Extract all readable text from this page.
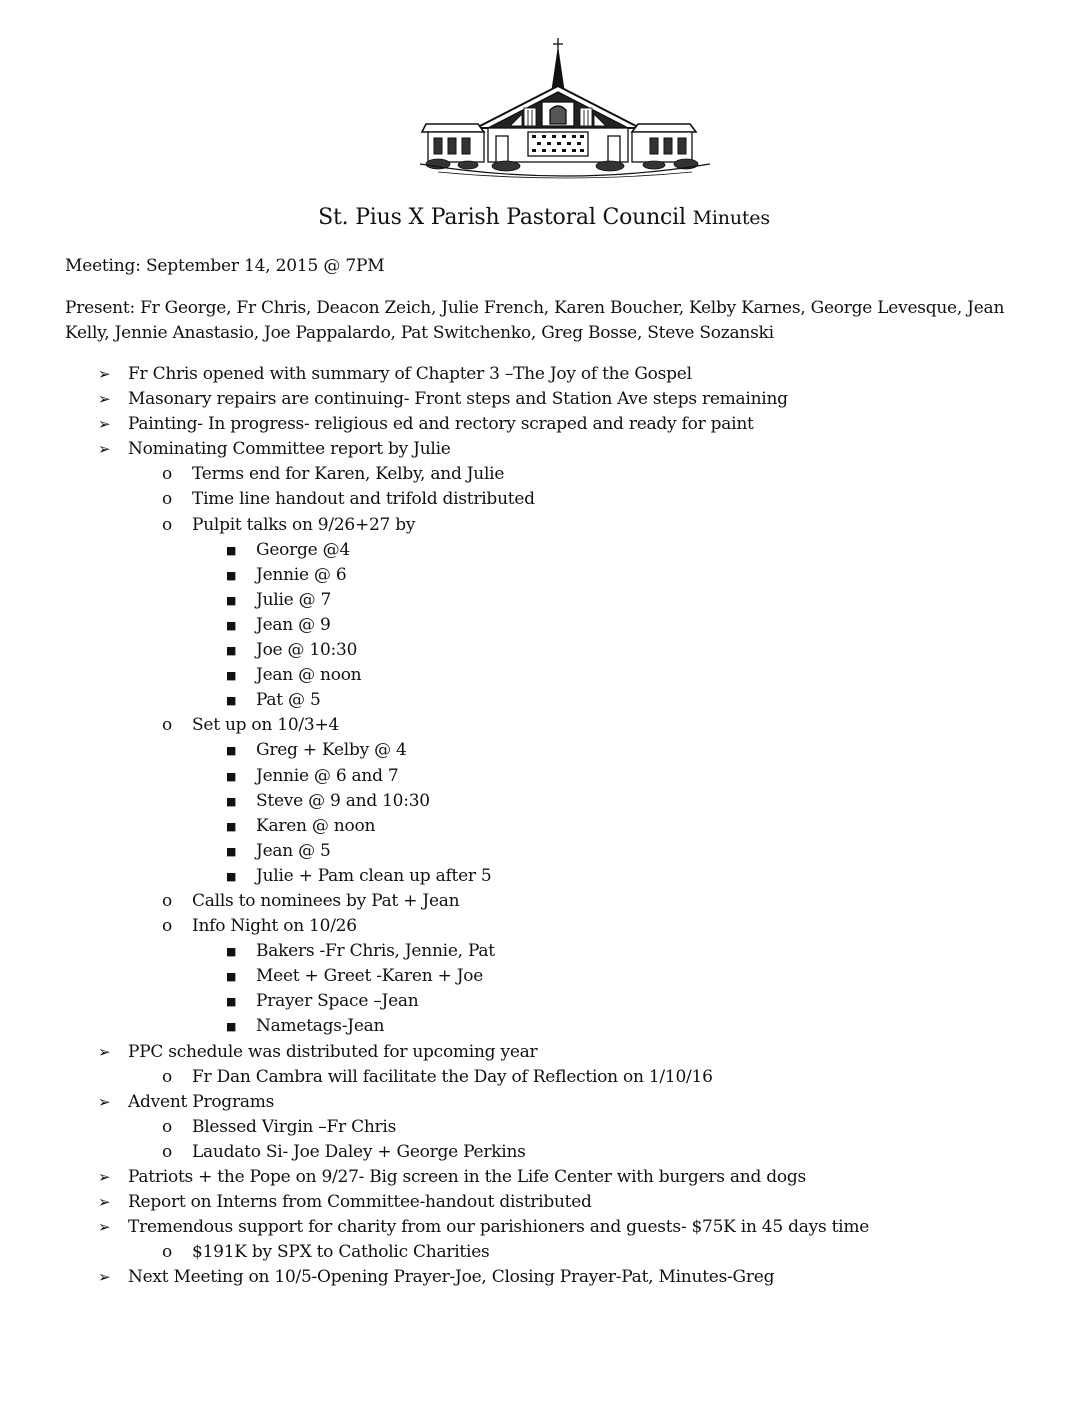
St. Pius X Parish Pastoral Council Minutes
Meeting: September 14, 2015 @ 7PM
Present: Fr George, Fr Chris, Deacon Zeich, Julie French, Karen Boucher, Kelby Karnes, George Levesque, Jean Kelly, Jennie Anastasio, Joe Pappalardo, Pat Switchenko, Greg Bosse, Steve Sozanski
➢ Fr Chris opened with summary of Chapter 3 –The Joy of the Gospel
➢ Masonary repairs are continuing- Front steps and Station Ave steps remaining
➢ Painting- In progress- religious ed and rectory scraped and ready for paint
➢ Nominating Committee report by Julie
o Terms end for Karen, Kelby, and Julie
o Time line handout and trifold distributed
o Pulpit talks on 9/26+27 by
■ George @4
■ Jennie @ 6
■ Julie @ 7
■ Jean @ 9
■ Joe @ 10:30
■ Jean @ noon
■ Pat @ 5
o Set up on 10/3+4
■ Greg + Kelby @ 4
■ Jennie @ 6 and 7
■ Steve @ 9 and 10:30
■ Karen @ noon
■ Jean @ 5
■ Julie + Pam clean up after 5
o Calls to nominees by Pat + Jean
o Info Night on 10/26
■ Bakers -Fr Chris, Jennie, Pat
■ Meet + Greet -Karen + Joe
■ Prayer Space –Jean
■ Nametags-Jean
➢ PPC schedule was distributed for upcoming year
o Fr Dan Cambra will facilitate the Day of Reflection on 1/10/16
➢ Advent Programs
o Blessed Virgin –Fr Chris
o Laudato Si- Joe Daley + George Perkins
➢ Patriots + the Pope on 9/27- Big screen in the Life Center with burgers and dogs
➢ Report on Interns from Committee-handout distributed
➢ Tremendous support for charity from our parishioners and guests- $75K in 45 days time
o $191K by SPX to Catholic Charities
➢ Next Meeting on 10/5-Opening Prayer-Joe, Closing Prayer-Pat, Minutes-Greg
